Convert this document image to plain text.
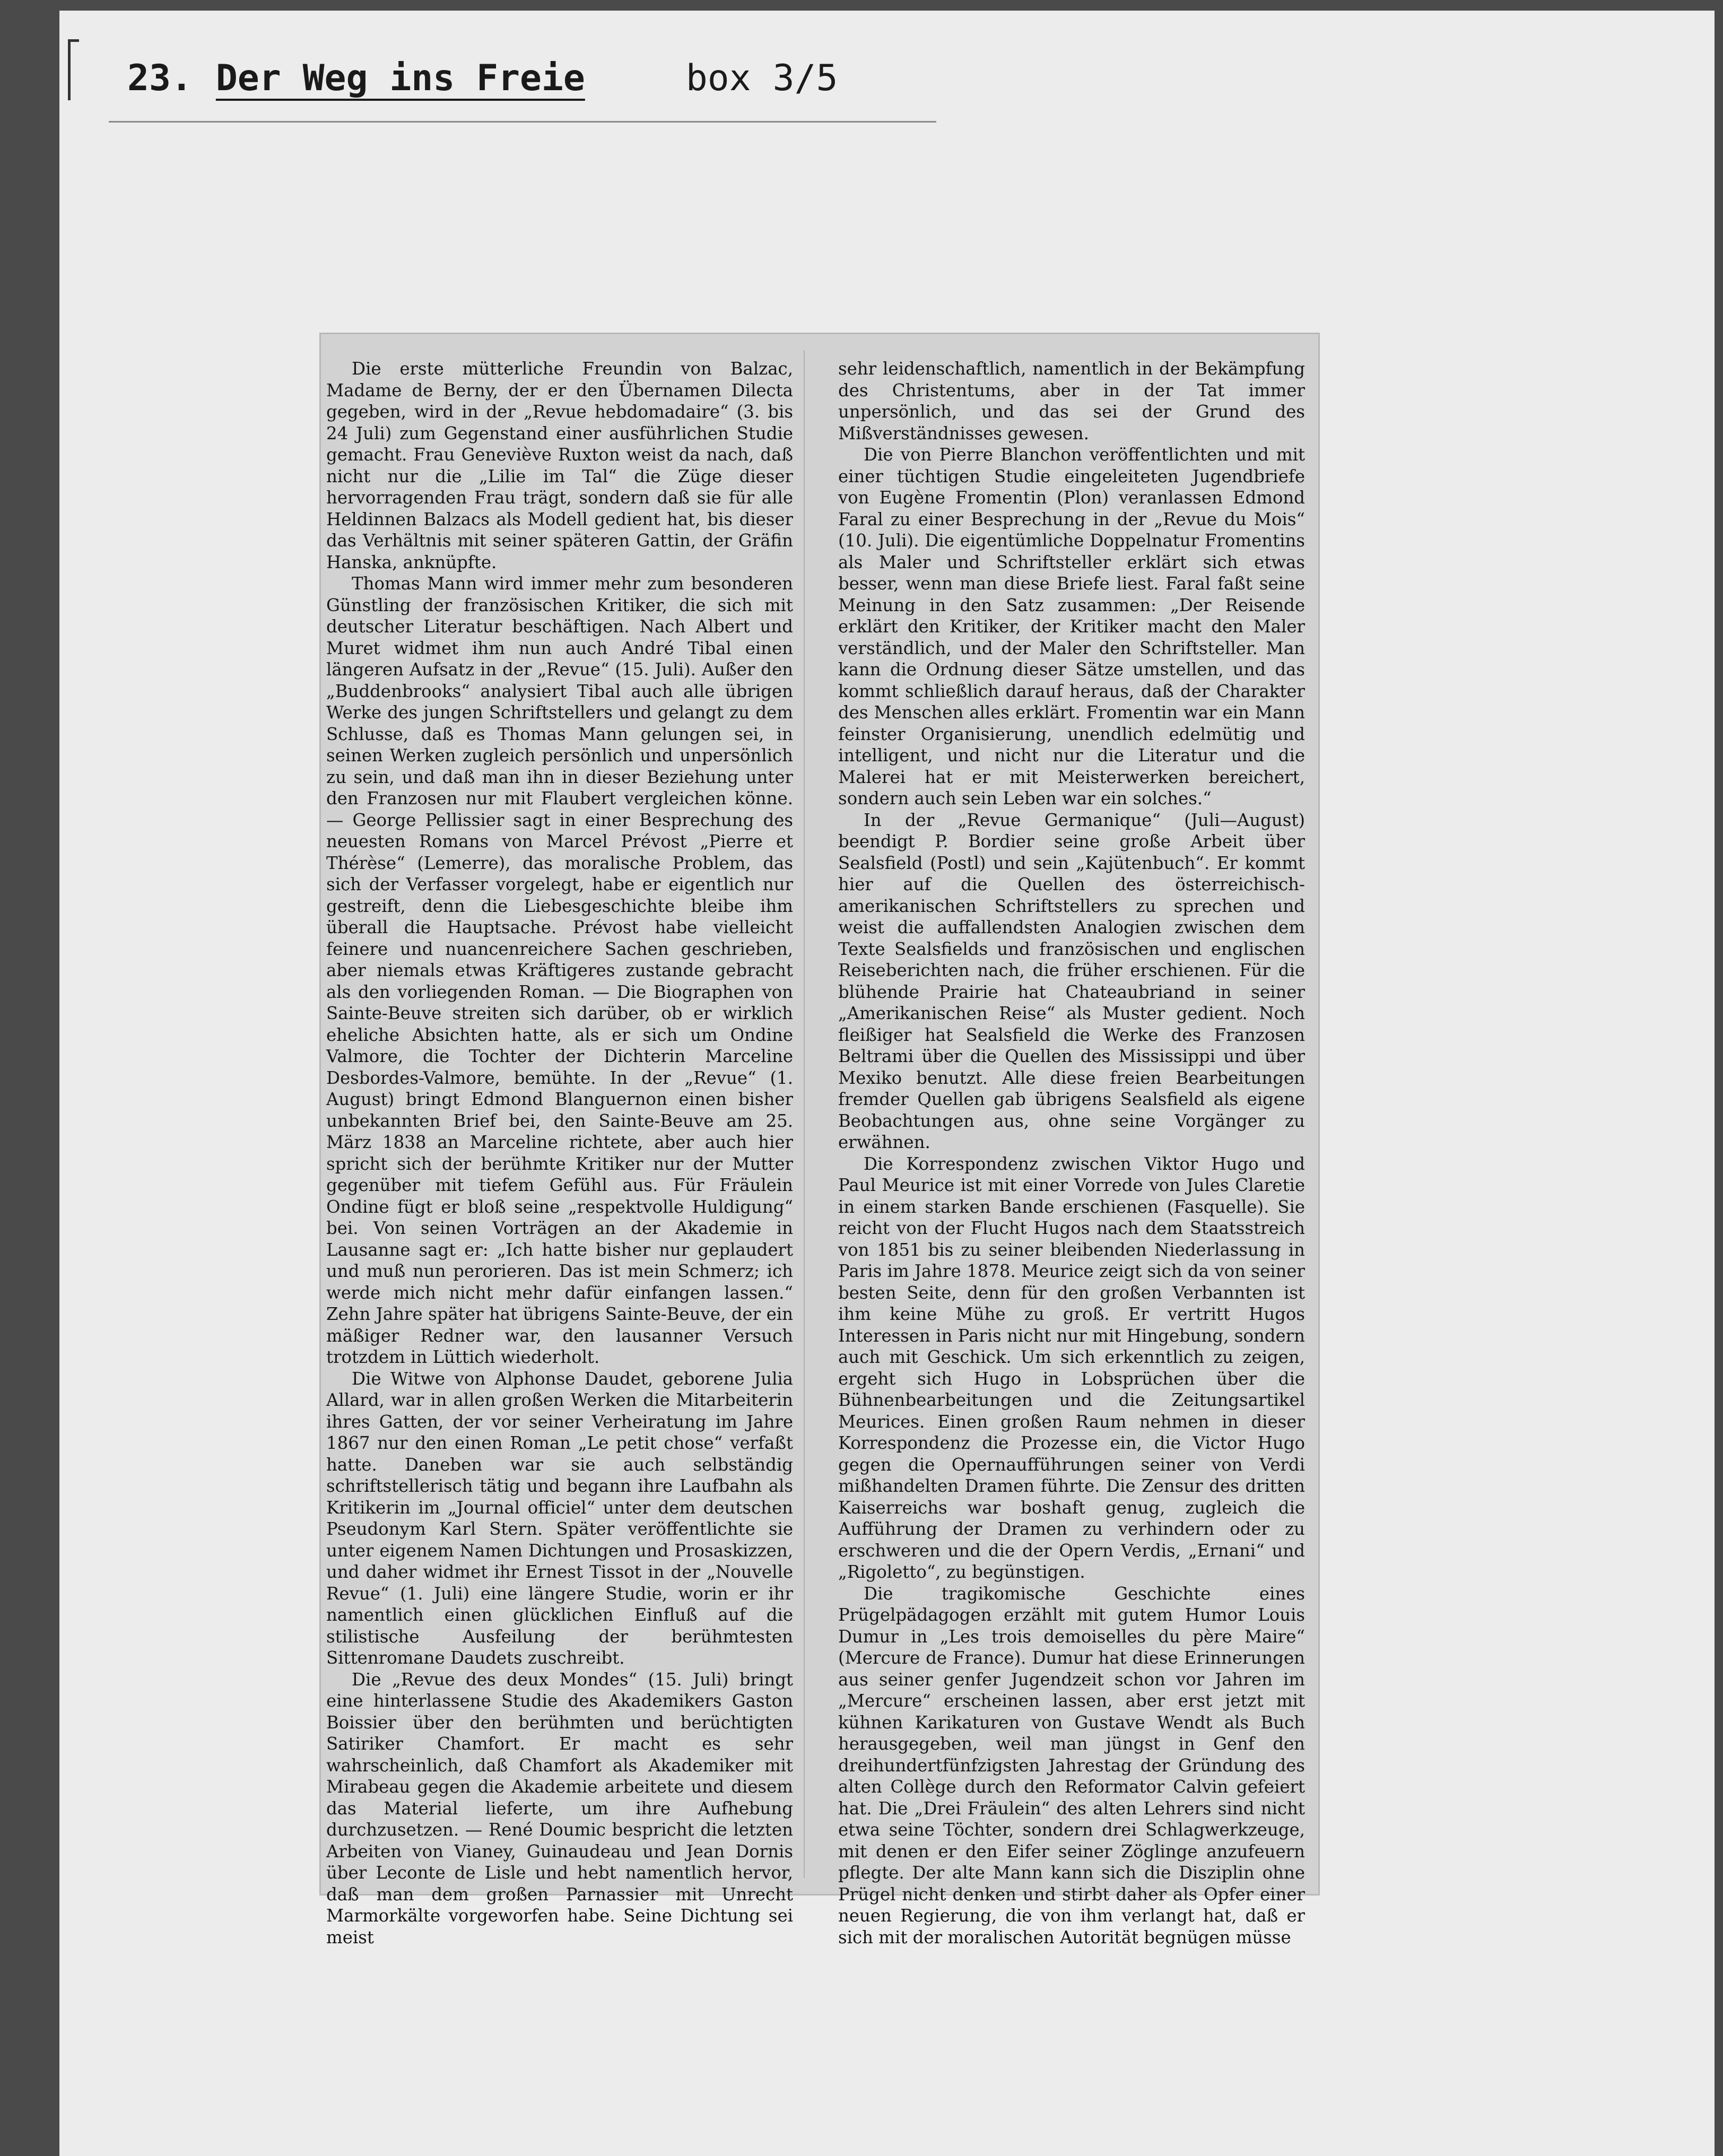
23. Der Weg ins Freie	box 3/5

Die erste mütterliche Freundin von Balzac, Madame de Berny, der er den Übernamen Dilecta gegeben, wird in der „Revue hebdomadaire“ (3. bis 24 Juli) zum Gegenstand einer ausführlichen Studie gemacht. Frau Geneviève Ruxton weist da nach, daß nicht nur die „Lilie im Tal“ die Züge dieser hervorragenden Frau trägt, sondern daß sie für alle Heldinnen Balzacs als Modell gedient hat, bis dieser das Verhältnis mit seiner späteren Gattin, der Gräfin Hanska, anknüpfte.

Thomas Mann wird immer mehr zum besonderen Günstling der französischen Kritiker, die sich mit deutscher Literatur beschäftigen. Nach Albert und Muret widmet ihm nun auch André Tibal einen längeren Aufsatz in der „Revue“ (15. Juli). Außer den „Buddenbrooks“ analysiert Tibal auch alle übrigen Werke des jungen Schriftstellers und gelangt zu dem Schlusse, daß es Thomas Mann gelungen sei, in seinen Werken zugleich persönlich und unpersönlich zu sein, und daß man ihn in dieser Beziehung unter den Franzosen nur mit Flaubert vergleichen könne. — George Pellissier sagt in einer Besprechung des neuesten Romans von Marcel Prévost „Pierre et Thérèse“ (Lemerre), das moralische Problem, das sich der Verfasser vorgelegt, habe er eigentlich nur gestreift, denn die Liebesgeschichte bleibe ihm überall die Hauptsache. Prévost habe vielleicht feinere und nuancenreichere Sachen geschrieben, aber niemals etwas Kräftigeres zustande gebracht als den vorliegenden Roman. — Die Biographen von Sainte-Beuve streiten sich darüber, ob er wirklich eheliche Absichten hatte, als er sich um Ondine Valmore, die Tochter der Dichterin Marceline Desbordes-Valmore, bemühte. In der „Revue“ (1. August) bringt Edmond Blanguernon einen bisher unbekannten Brief bei, den Sainte-Beuve am 25. März 1838 an Marceline richtete, aber auch hier spricht sich der berühmte Kritiker nur der Mutter gegenüber mit tiefem Gefühl aus. Für Fräulein Ondine fügt er bloß seine „respektvolle Huldigung“ bei. Von seinen Vorträgen an der Akademie in Lausanne sagt er: „Ich hatte bisher nur geplaudert und muß nun perorieren. Das ist mein Schmerz; ich werde mich nicht mehr dafür einfangen lassen.“ Zehn Jahre später hat übrigens Sainte-Beuve, der ein mäßiger Redner war, den lausanner Versuch trotzdem in Lüttich wiederholt.

Die Witwe von Alphonse Daudet, geborene Julia Allard, war in allen großen Werken die Mitarbeiterin ihres Gatten, der vor seiner Verheiratung im Jahre 1867 nur den einen Roman „Le petit chose“ verfaßt hatte. Daneben war sie auch selbständig schriftstellerisch tätig und begann ihre Laufbahn als Kritikerin im „Journal officiel“ unter dem deutschen Pseudonym Karl Stern. Später veröffentlichte sie unter eigenem Namen Dichtungen und Prosaskizzen, und daher widmet ihr Ernest Tissot in der „Nouvelle Revue“ (1. Juli) eine längere Studie, worin er ihr namentlich einen glücklichen Einfluß auf die stilistische Ausfeilung der berühmtesten Sittenromane Daudets zuschreibt.

Die „Revue des deux Mondes“ (15. Juli) bringt eine hinterlassene Studie des Akademikers Gaston Boissier über den berühmten und berüchtigten Satiriker Chamfort. Er macht es sehr wahrscheinlich, daß Chamfort als Akademiker mit Mirabeau gegen die Akademie arbeitete und diesem das Material lieferte, um ihre Aufhebung durchzusetzen. — René Doumic bespricht die letzten Arbeiten von Vianey, Guinaudeau und Jean Dornis über Leconte de Lisle und hebt namentlich hervor, daß man dem großen Parnassier mit Unrecht Marmorkälte vorgeworfen habe. Seine Dichtung sei meist

sehr leidenschaftlich, namentlich in der Bekämpfung des Christentums, aber in der Tat immer unpersönlich, und das sei der Grund des Mißverständnisses gewesen.

Die von Pierre Blanchon veröffentlichten und mit einer tüchtigen Studie eingeleiteten Jugendbriefe von Eugène Fromentin (Plon) veranlassen Edmond Faral zu einer Besprechung in der „Revue du Mois“ (10. Juli). Die eigentümliche Doppelnatur Fromentins als Maler und Schriftsteller erklärt sich etwas besser, wenn man diese Briefe liest. Faral faßt seine Meinung in den Satz zusammen: „Der Reisende erklärt den Kritiker, der Kritiker macht den Maler verständlich, und der Maler den Schriftsteller. Man kann die Ordnung dieser Sätze umstellen, und das kommt schließlich darauf heraus, daß der Charakter des Menschen alles erklärt. Fromentin war ein Mann feinster Organisierung, unendlich edelmütig und intelligent, und nicht nur die Literatur und die Malerei hat er mit Meisterwerken bereichert, sondern auch sein Leben war ein solches.“

In der „Revue Germanique“ (Juli—August) beendigt P. Bordier seine große Arbeit über Sealsfield (Postl) und sein „Kajütenbuch“. Er kommt hier auf die Quellen des österreichisch-amerikanischen Schriftstellers zu sprechen und weist die auffallendsten Analogien zwischen dem Texte Sealsfields und französischen und englischen Reiseberichten nach, die früher erschienen. Für die blühende Prairie hat Chateaubriand in seiner „Amerikanischen Reise“ als Muster gedient. Noch fleißiger hat Sealsfield die Werke des Franzosen Beltrami über die Quellen des Mississippi und über Mexiko benutzt. Alle diese freien Bearbeitungen fremder Quellen gab übrigens Sealsfield als eigene Beobachtungen aus, ohne seine Vorgänger zu erwähnen.

Die Korrespondenz zwischen Viktor Hugo und Paul Meurice ist mit einer Vorrede von Jules Claretie in einem starken Bande erschienen (Fasquelle). Sie reicht von der Flucht Hugos nach dem Staatsstreich von 1851 bis zu seiner bleibenden Niederlassung in Paris im Jahre 1878. Meurice zeigt sich da von seiner besten Seite, denn für den großen Verbannten ist ihm keine Mühe zu groß. Er vertritt Hugos Interessen in Paris nicht nur mit Hingebung, sondern auch mit Geschick. Um sich erkenntlich zu zeigen, ergeht sich Hugo in Lobsprüchen über die Bühnenbearbeitungen und die Zeitungsartikel Meurices. Einen großen Raum nehmen in dieser Korrespondenz die Prozesse ein, die Victor Hugo gegen die Opernaufführungen seiner von Verdi mißhandelten Dramen führte. Die Zensur des dritten Kaiserreichs war boshaft genug, zugleich die Aufführung der Dramen zu verhindern oder zu erschweren und die der Opern Verdis, „Ernani“ und „Rigoletto“, zu begünstigen.

Die tragikomische Geschichte eines Prügelpädagogen erzählt mit gutem Humor Louis Dumur in „Les trois demoiselles du père Maire“ (Mercure de France). Dumur hat diese Erinnerungen aus seiner genfer Jugendzeit schon vor Jahren im „Mercure“ erscheinen lassen, aber erst jetzt mit kühnen Karikaturen von Gustave Wendt als Buch herausgegeben, weil man jüngst in Genf den dreihundertfünfzigsten Jahrestag der Gründung des alten Collège durch den Reformator Calvin gefeiert hat. Die „Drei Fräulein“ des alten Lehrers sind nicht etwa seine Töchter, sondern drei Schlagwerkzeuge, mit denen er den Eifer seiner Zöglinge anzufeuern pflegte. Der alte Mann kann sich die Disziplin ohne Prügel nicht denken und stirbt daher als Opfer einer neuen Regierung, die von ihm verlangt hat, daß er sich mit der moralischen Autorität begnügen müsse
